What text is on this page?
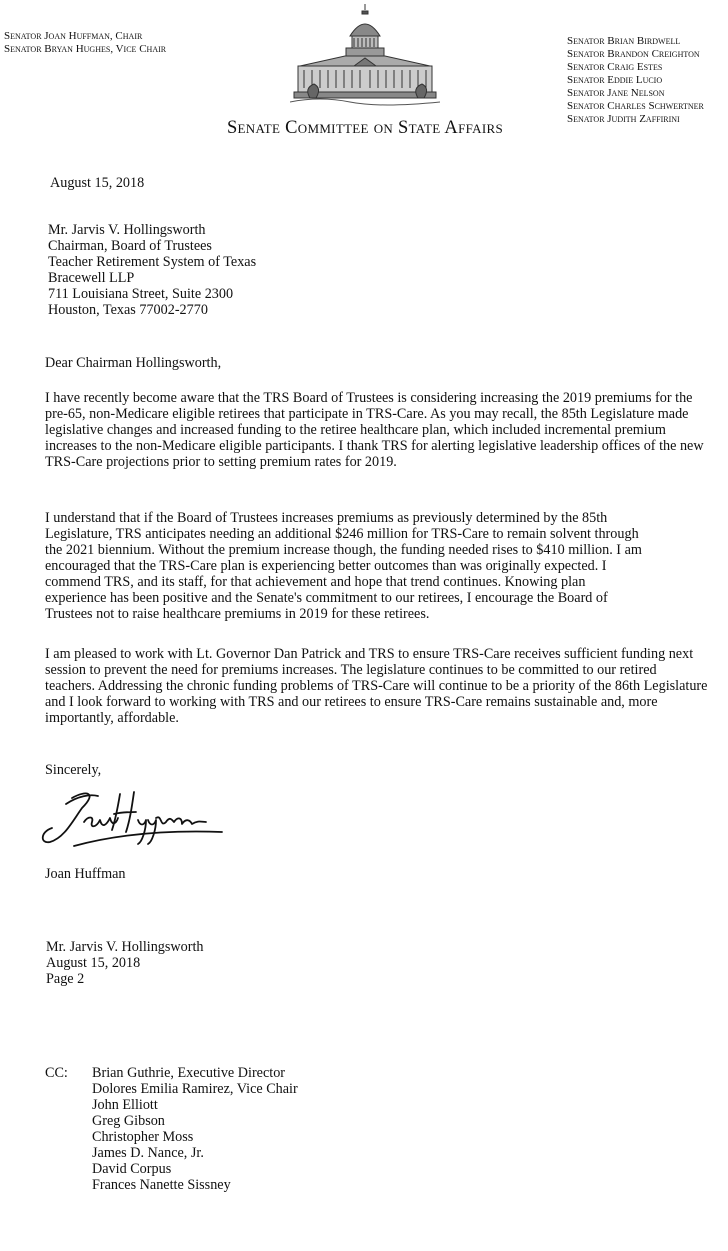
Senator Joan Huffman, Chair
Senator Bryan Hughes, Vice Chair
Senator Brian Birdwell
Senator Brandon Creighton
Senator Craig Estes
Senator Eddie Lucio
Senator Jane Nelson
Senator Charles Schwertner
Senator Judith Zaffirini
Senate Committee on State Affairs
August 15, 2018
Mr. Jarvis V. Hollingsworth
Chairman, Board of Trustees
Teacher Retirement System of Texas
Bracewell LLP
711 Louisiana Street, Suite 2300
Houston, Texas 77002-2770
Dear Chairman Hollingsworth,
I have recently become aware that the TRS Board of Trustees is considering increasing the 2019 premiums for the pre-65, non-Medicare eligible retirees that participate in TRS-Care. As you may recall, the 85th Legislature made legislative changes and increased funding to the retiree healthcare plan, which included incremental premium increases to the non-Medicare eligible participants. I thank TRS for alerting legislative leadership offices of the new TRS-Care projections prior to setting premium rates for 2019.
I understand that if the Board of Trustees increases premiums as previously determined by the 85th
Legislature, TRS anticipates needing an additional $246 million for TRS-Care to remain solvent through
the 2021 biennium. Without the premium increase though, the funding needed rises to $410 million. I am
encouraged that the TRS-Care plan is experiencing better outcomes than was originally expected. I
commend TRS, and its staff, for that achievement and hope that trend continues. Knowing plan
experience has been positive and the Senate's commitment to our retirees, I encourage the Board of
Trustees not to raise healthcare premiums in 2019 for these retirees.
I am pleased to work with Lt. Governor Dan Patrick and TRS to ensure TRS-Care receives sufficient funding next session to prevent the need for premiums increases. The legislature continues to be committed to our retired teachers. Addressing the chronic funding problems of TRS-Care will continue to be a priority of the 86th Legislature and I look forward to working with TRS and our retirees to ensure TRS-Care remains sustainable and, more importantly, affordable.
Sincerely,
Joan Huffman
Mr. Jarvis V. Hollingsworth
August 15, 2018
Page 2
CC: Brian Guthrie, Executive Director
Dolores Emilia Ramirez, Vice Chair
John Elliott
Greg Gibson
Christopher Moss
James D. Nance, Jr.
David Corpus
Frances Nanette Sissney
